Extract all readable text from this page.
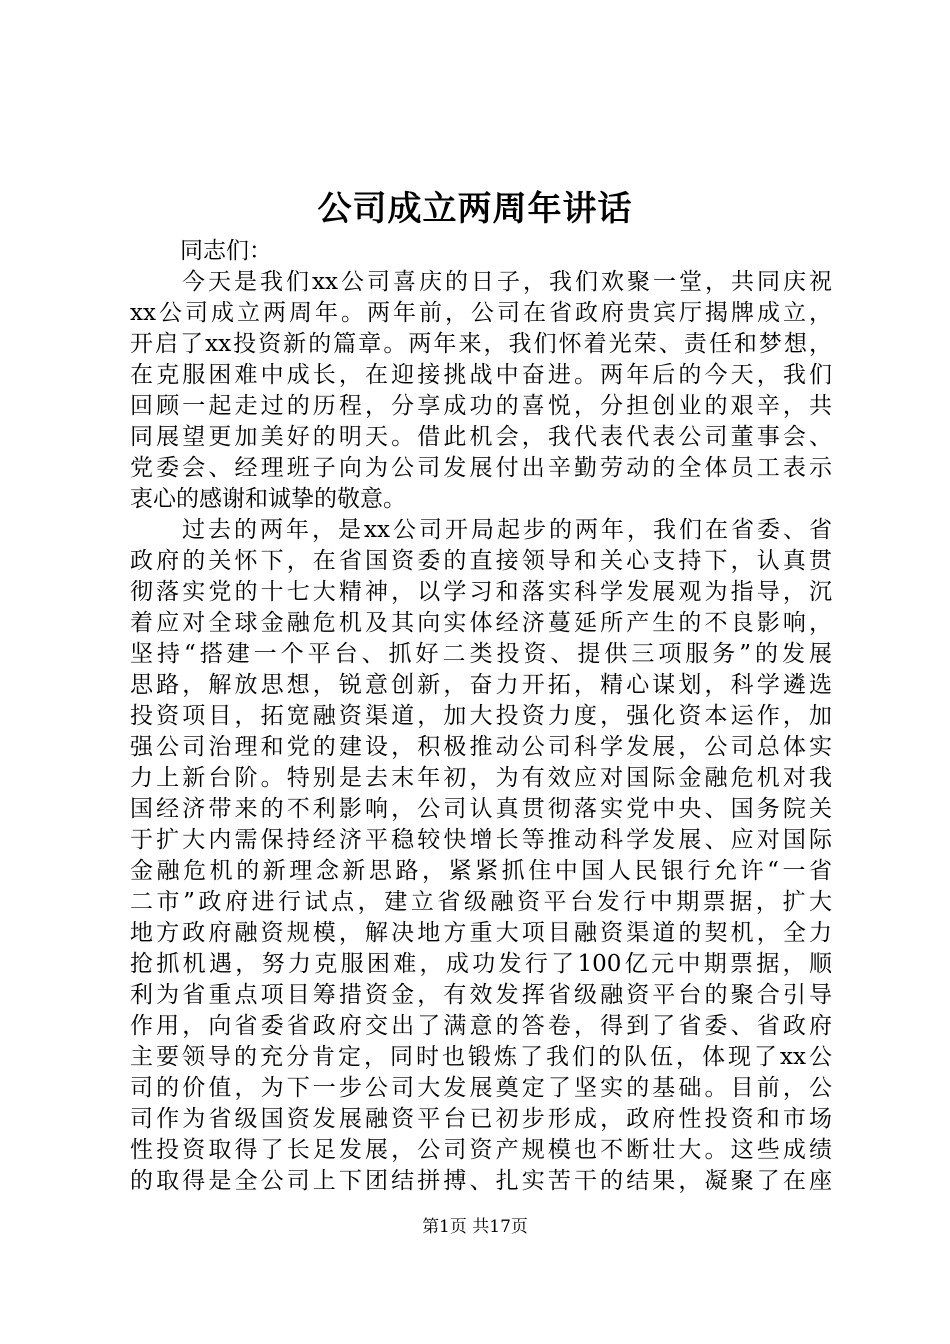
公司成立两周年讲话
同志们：
　　今天是我们xx公司喜庆的日子，我们欢聚一堂，共同庆祝
xx公司成立两周年。两年前，公司在省政府贵宾厅揭牌成立，
开启了xx投资新的篇章。两年来，我们怀着光荣、责任和梦想，
在克服困难中成长，在迎接挑战中奋进。两年后的今天，我们
回顾一起走过的历程，分享成功的喜悦，分担创业的艰辛，共
同展望更加美好的明天。借此机会，我代表代表公司董事会、
党委会、经理班子向为公司发展付出辛勤劳动的全体员工表示
衷心的感谢和诚挚的敬意。
　　过去的两年，是xx公司开局起步的两年，我们在省委、省
政府的关怀下，在省国资委的直接领导和关心支持下，认真贯
彻落实党的十七大精神，以学习和落实科学发展观为指导，沉
着应对全球金融危机及其向实体经济蔓延所产生的不良影响，
坚持“搭建一个平台、抓好二类投资、提供三项服务”的发展
思路，解放思想，锐意创新，奋力开拓，精心谋划，科学遴选
投资项目，拓宽融资渠道，加大投资力度，强化资本运作，加
强公司治理和党的建设，积极推动公司科学发展，公司总体实
力上新台阶。特别是去末年初，为有效应对国际金融危机对我
国经济带来的不利影响，公司认真贯彻落实党中央、国务院关
于扩大内需保持经济平稳较快增长等推动科学发展、应对国际
金融危机的新理念新思路，紧紧抓住中国人民银行允许“一省
二市”政府进行试点，建立省级融资平台发行中期票据，扩大
地方政府融资规模，解决地方重大项目融资渠道的契机，全力
抢抓机遇，努力克服困难，成功发行了100亿元中期票据，顺
利为省重点项目筹措资金，有效发挥省级融资平台的聚合引导
作用，向省委省政府交出了满意的答卷，得到了省委、省政府
主要领导的充分肯定，同时也锻炼了我们的队伍，体现了xx公
司的价值，为下一步公司大发展奠定了坚实的基础。目前，公
司作为省级国资发展融资平台已初步形成，政府性投资和市场
性投资取得了长足发展，公司资产规模也不断壮大。这些成绩
的取得是全公司上下团结拼搏、扎实苦干的结果，凝聚了在座
第1页 共17页
